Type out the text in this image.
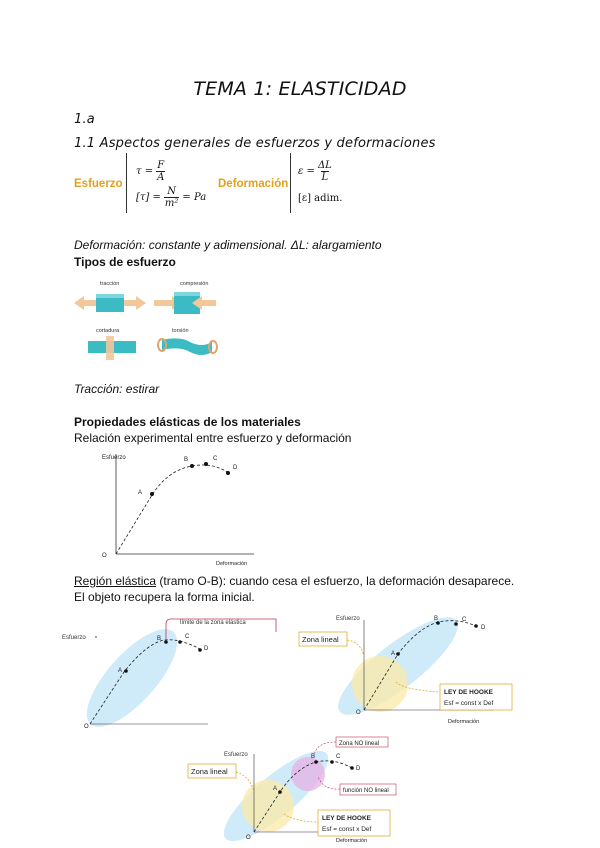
TEMA 1: ELASTICIDAD
1.a
1.1 Aspectos generales de esfuerzos y deformaciones
Esfuerzo
$\tau = \frac{F}{A}$
$[\tau] = \frac{N}{\text{m²}} = Pa$
Deformación
$\varepsilon = \frac{\Delta L}{L}$
[ε] adim.
Deformación: constante y adimensional. ΔL: alargamiento
Tipos de esfuerzo
tracción	compresión
cortadura	torsión
Tracción: estirar
Propiedades elásticas de los materiales
Relación experimental entre esfuerzo y deformación
Esfuerzo
O
Deformación
A
B	C
D
Región elástica (tramo O-B): cuando cesa el esfuerzo, la deformación desaparece.
El objeto recupera la forma inicial.
Esfuerzo
O
A
B	C
D
límite de la zona elástica
Esfuerzo
O
A
B	C
D
Zona lineal
LEY DE HOOKE
Esf = const x Def
Deformación
Esfuerzo
O
A
B	C
D
Zona NO lineal
función NO lineal
Zona lineal
LEY DE HOOKE
Esf = const x Def
Deformación
